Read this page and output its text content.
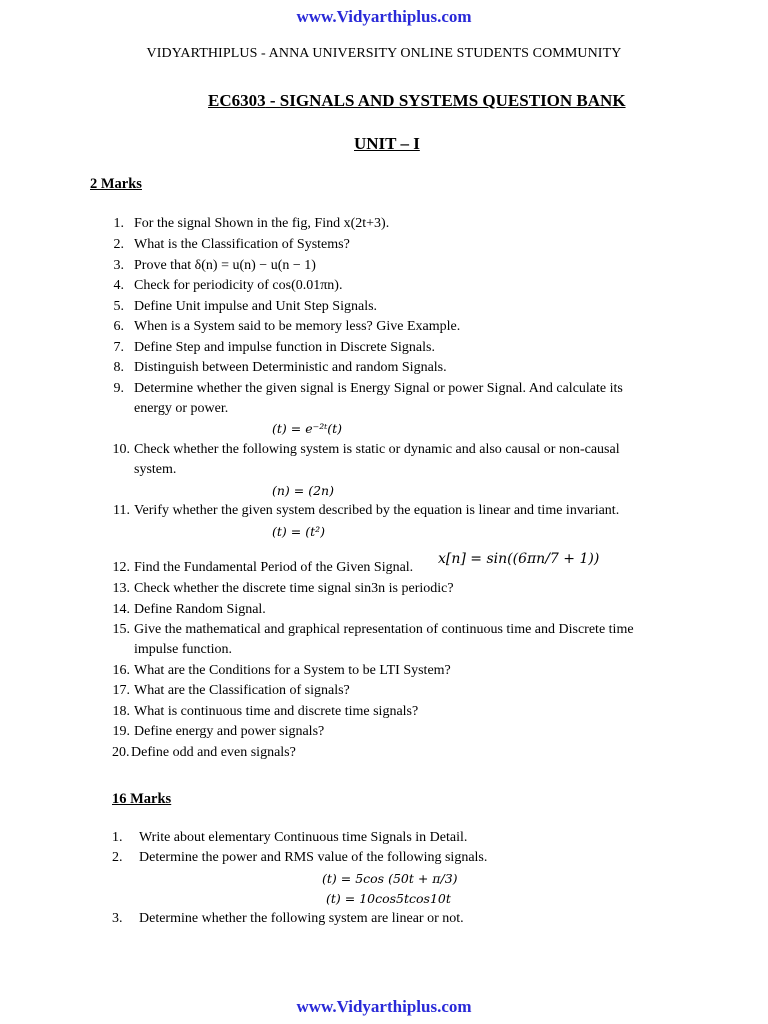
www.Vidyarthiplus.com
VIDYARTHIPLUS - ANNA UNIVERSITY ONLINE STUDENTS COMMUNITY
EC6303 - SIGNALS AND SYSTEMS QUESTION BANK
UNIT – I
2 Marks
1. For the signal Shown in the fig, Find x(2t+3).
2. What is the Classification of Systems?
3. Prove that δ(n) = u(n) − u(n − 1)
4. Check for periodicity of cos(0.01πn).
5. Define Unit impulse and Unit Step Signals.
6. When is a System said to be memory less? Give Example.
7. Define Step and impulse function in Discrete Signals.
8. Distinguish between Deterministic and random Signals.
9. Determine whether the given signal is Energy Signal or power Signal. And calculate its
energy or power.
(t) = e⁻²ᵗ(t)
10. Check whether the following system is static or dynamic and also causal or non-causal
system.
(n) = (2n)
11. Verify whether the given system described by the equation is linear and time invariant.
(t) = (t²)
12. Find the Fundamental Period of the Given Signal.
x[n] = sin((6πn/7 + 1))
13. Check whether the discrete time signal sin3n is periodic?
14. Define Random Signal.
15. Give the mathematical and graphical representation of continuous time and Discrete time
impulse function.
16. What are the Conditions for a System to be LTI System?
17. What are the Classification of signals?
18. What is continuous time and discrete time signals?
19. Define energy and power signals?
20. Define odd and even signals?
16 Marks
1. Write about elementary Continuous time Signals in Detail.
2. Determine the power and RMS value of the following signals.
(t) = 5cos (50t + π/3)
(t) = 10cos5tcos10t
3. Determine whether the following system are linear or not.
www.Vidyarthiplus.com
